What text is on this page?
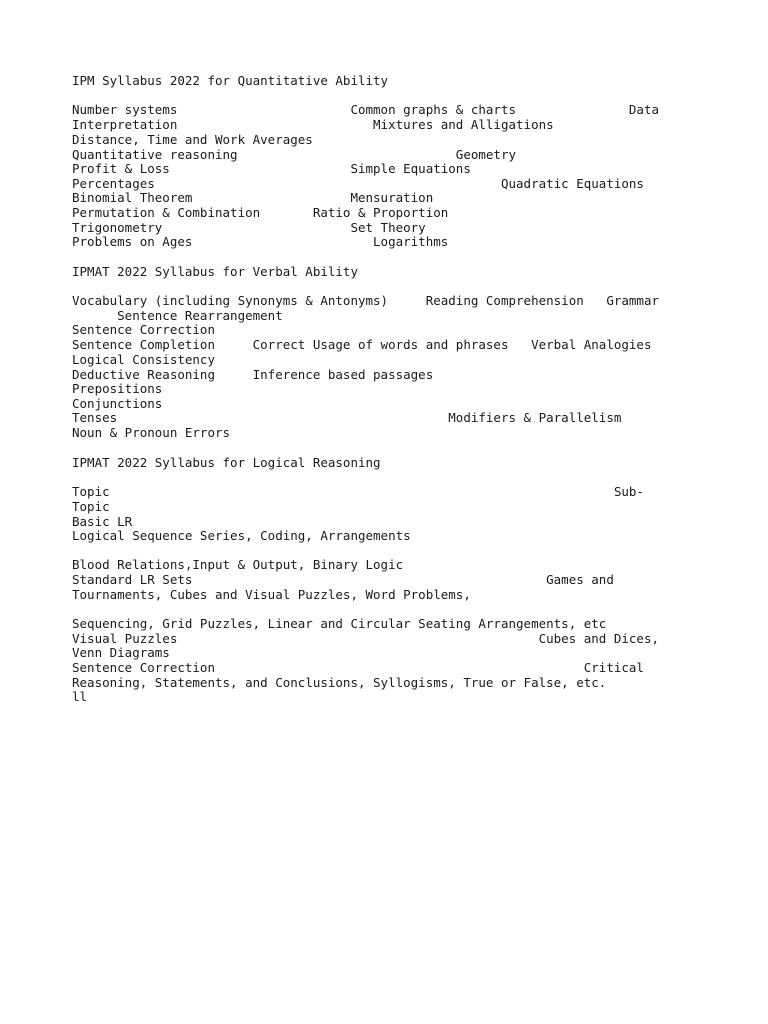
IPM Syllabus 2022 for Quantitative Ability
Number systems                       Common graphs & charts               Data
Interpretation                          Mixtures and Alligations
Distance, Time and Work Averages
Quantitative reasoning                             Geometry
Profit & Loss                        Simple Equations
Percentages                                              Quadratic Equations
Binomial Theorem                     Mensuration
Permutation & Combination       Ratio & Proportion
Trigonometry                         Set Theory
Problems on Ages                        Logarithms
IPMAT 2022 Syllabus for Verbal Ability
Vocabulary (including Synonyms & Antonyms)     Reading Comprehension   Grammar
Sentence Rearrangement
Sentence Correction
Sentence Completion     Correct Usage of words and phrases   Verbal Analogies
Logical Consistency
Deductive Reasoning     Inference based passages
Prepositions
Conjunctions
Tenses                                            Modifiers & Parallelism
Noun & Pronoun Errors
IPMAT 2022 Syllabus for Logical Reasoning
Topic                                                                   Sub-
Topic
Basic LR
Logical Sequence Series, Coding, Arrangements
Blood Relations,Input & Output, Binary Logic
Standard LR Sets                                               Games and
Tournaments, Cubes and Visual Puzzles, Word Problems,
Sequencing, Grid Puzzles, Linear and Circular Seating Arrangements, etc
Visual Puzzles                                                Cubes and Dices,
Venn Diagrams
Sentence Correction                                                 Critical
Reasoning, Statements, and Conclusions, Syllogisms, True or False, etc.
ll
